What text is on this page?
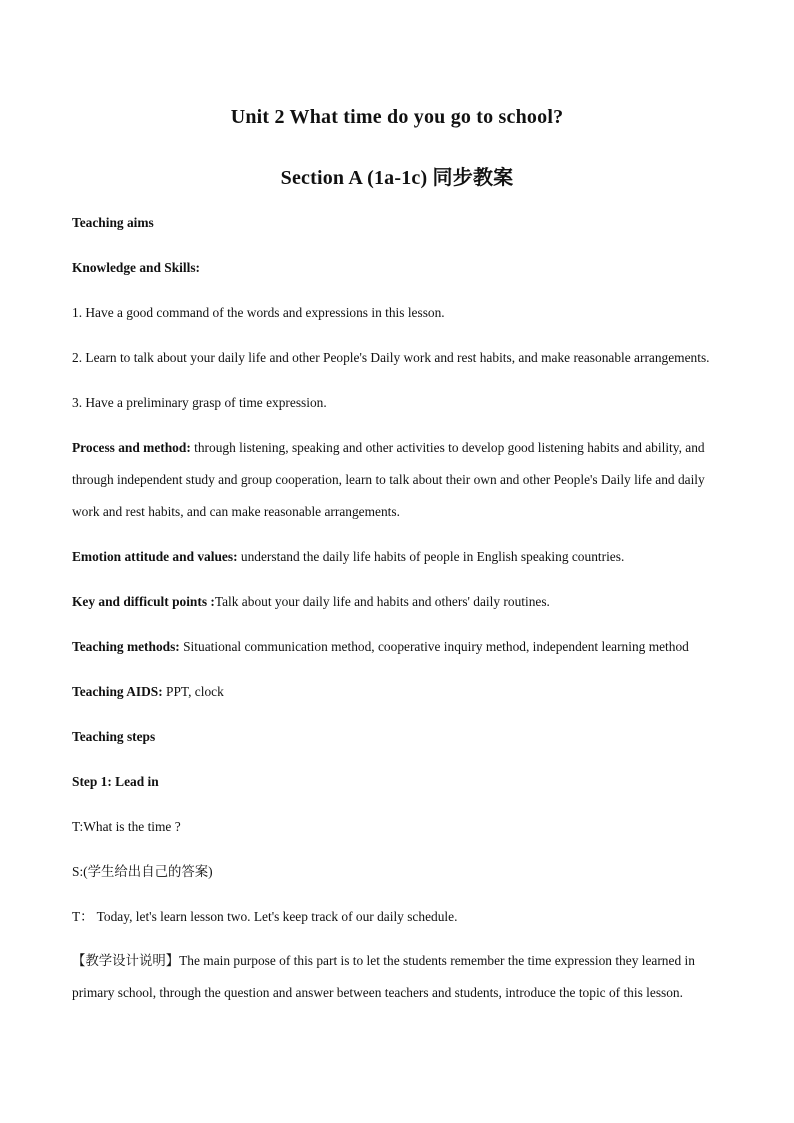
Unit 2 What time do you go to school?
Section A (1a-1c) 同步教案
Teaching aims
Knowledge and Skills:
1. Have a good command of the words and expressions in this lesson.
2. Learn to talk about your daily life and other People's Daily work and rest habits, and make reasonable arrangements.
3. Have a preliminary grasp of time expression.
Process and method: through listening, speaking and other activities to develop good listening habits and ability, and through independent study and group cooperation, learn to talk about their own and other People's Daily life and daily work and rest habits, and can make reasonable arrangements.
Emotion attitude and values: understand the daily life habits of people in English speaking countries.
Key and difficult points :Talk about your daily life and habits and others' daily routines.
Teaching methods: Situational communication method, cooperative inquiry method, independent learning method
Teaching AIDS: PPT, clock
Teaching steps
Step 1: Lead in
T:What is the time ?
S:(学生给出自己的答案)
T： Today, let's learn lesson two. Let's keep track of our daily schedule.
【教学设计说明】The main purpose of this part is to let the students remember the time expression they learned in primary school, through the question and answer between teachers and students, introduce the topic of this lesson.
